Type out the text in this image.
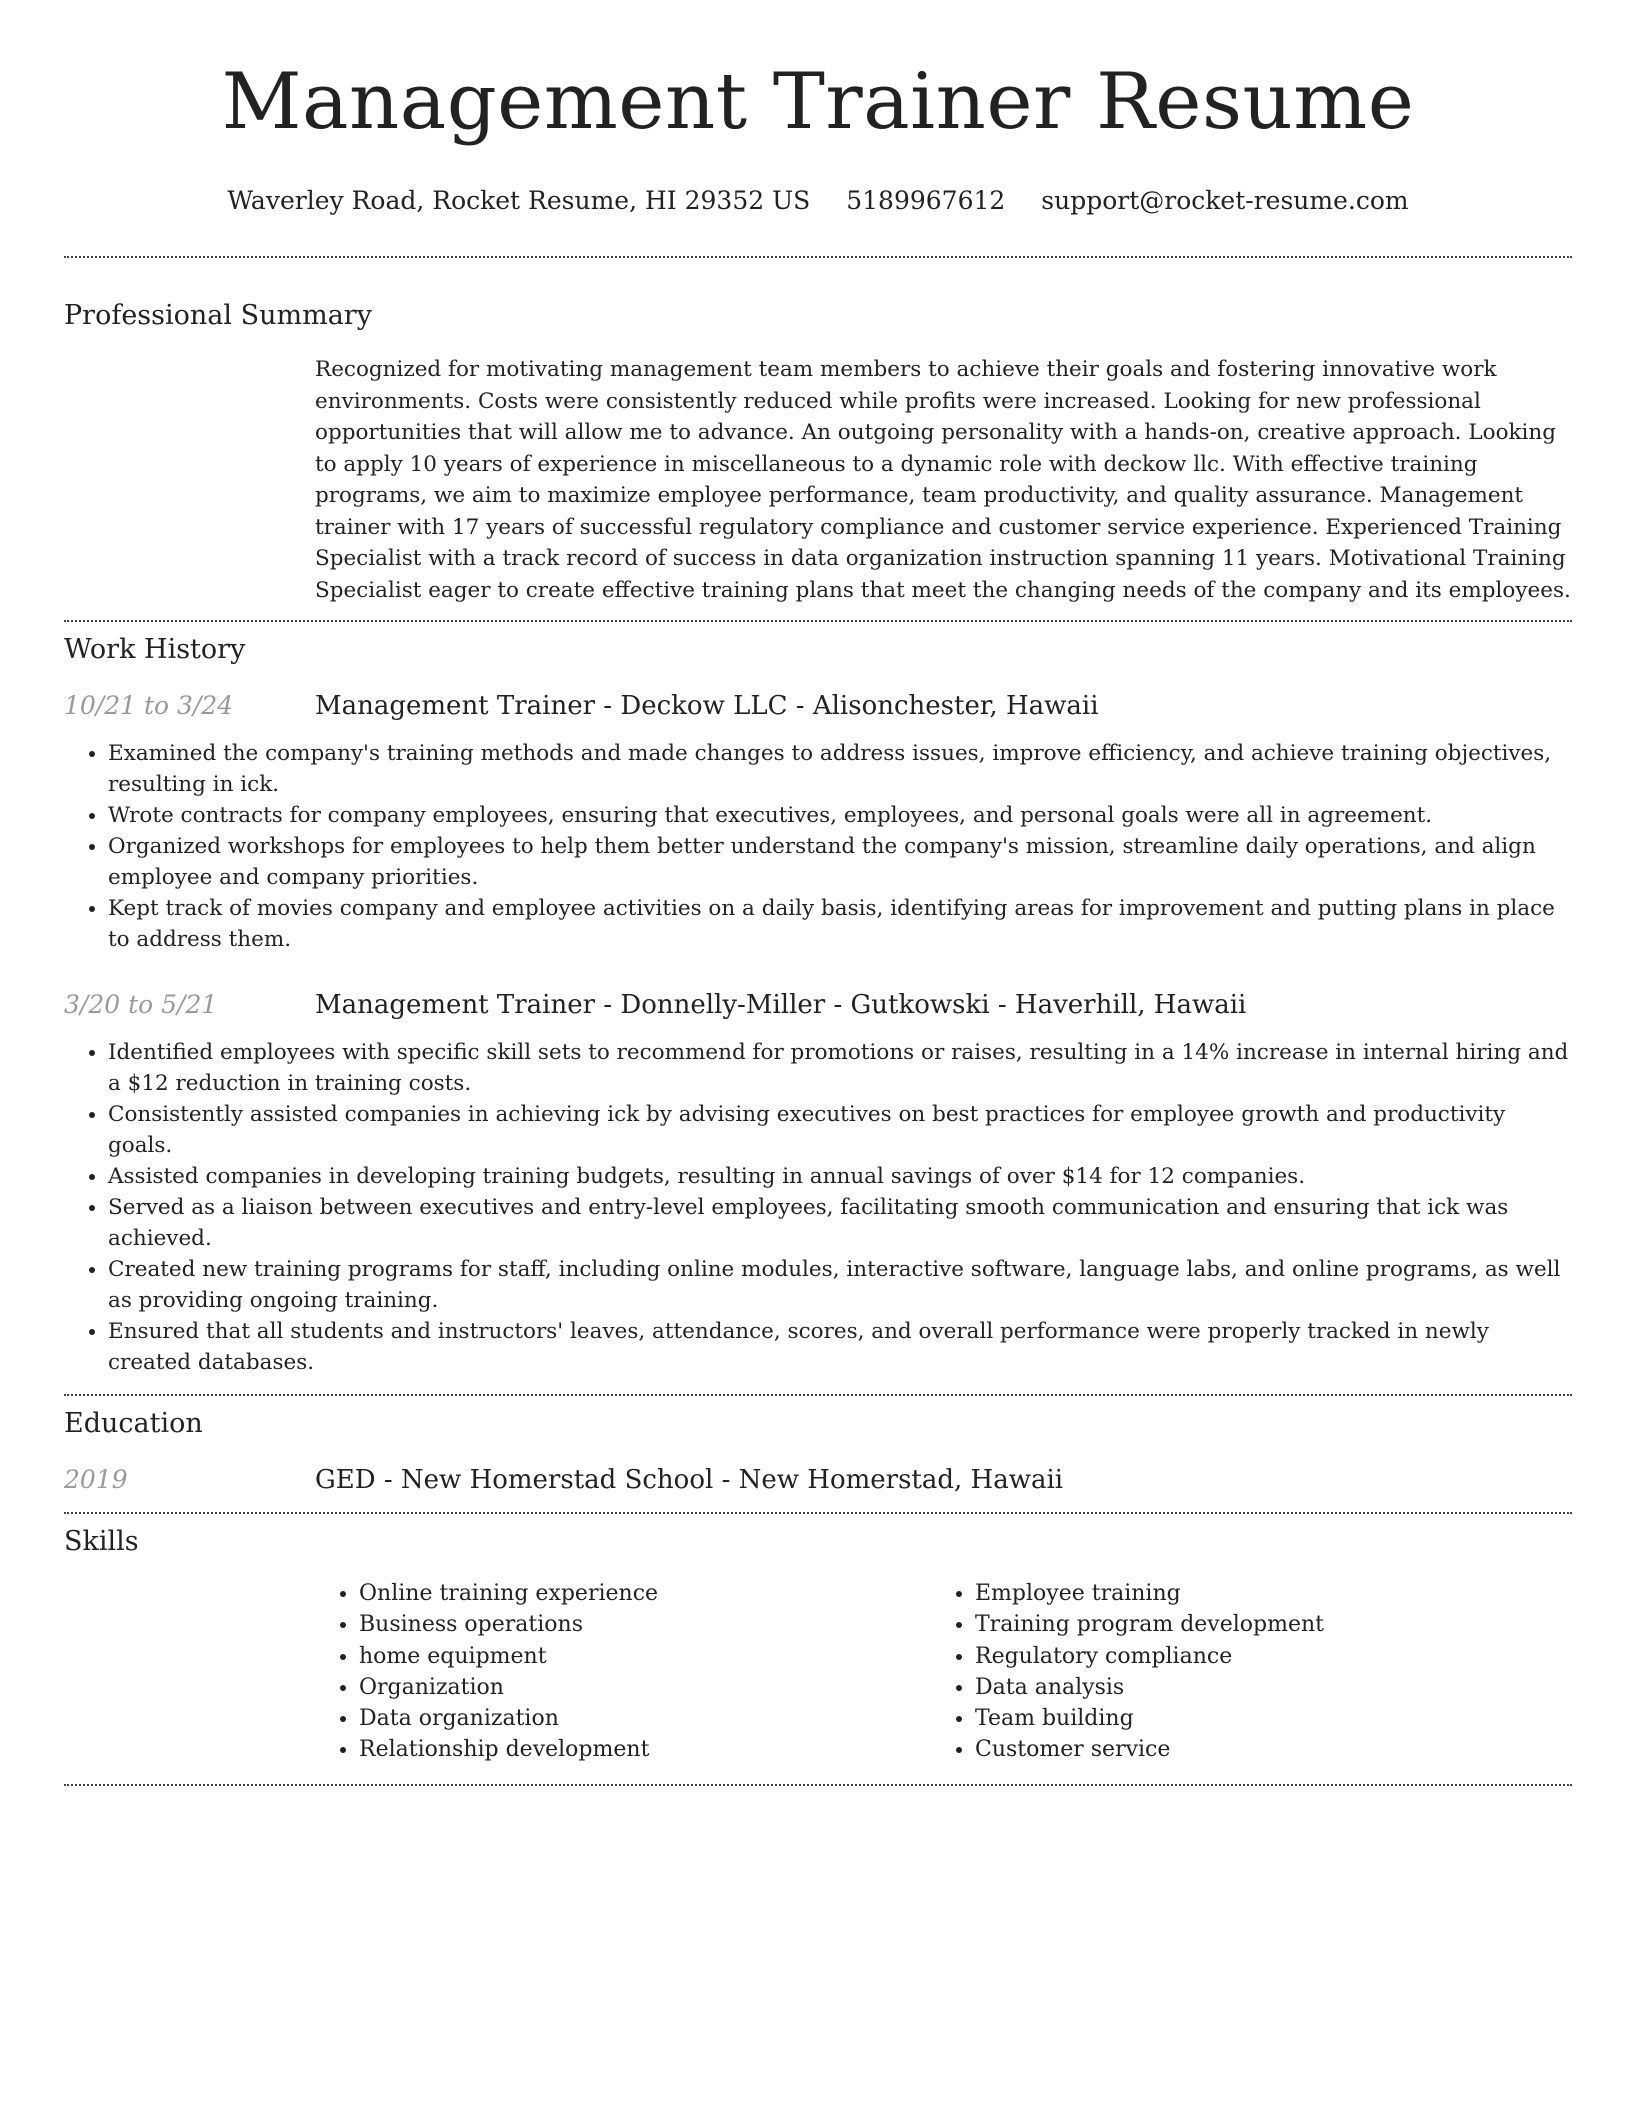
Management Trainer Resume
Waverley Road, Rocket Resume, HI 29352 US 5189967612 support@rocket-resume.com
Professional Summary

Recognized for motivating management team members to achieve their goals and fostering innovative work environments. Costs were consistently reduced while profits were increased. Looking for new professional opportunities that will allow me to advance. An outgoing personality with a hands-on, creative approach. Looking to apply 10 years of experience in miscellaneous to a dynamic role with deckow llc. With effective training programs, we aim to maximize employee performance, team productivity, and quality assurance. Management trainer with 17 years of successful regulatory compliance and customer service experience. Experienced Training Specialist with a track record of success in data organization instruction spanning 11 years. Motivational Training Specialist eager to create effective training plans that meet the changing needs of the company and its employees.

Work History
10/21 to 3/24	Management Trainer - Deckow LLC - Alisonchester, Hawaii
• Examined the company's training methods and made changes to address issues, improve efficiency, and achieve training objectives, resulting in ick.
• Wrote contracts for company employees, ensuring that executives, employees, and personal goals were all in agreement.
• Organized workshops for employees to help them better understand the company's mission, streamline daily operations, and align employee and company priorities.
• Kept track of movies company and employee activities on a daily basis, identifying areas for improvement and putting plans in place to address them.
3/20 to 5/21	Management Trainer - Donnelly-Miller - Gutkowski - Haverhill, Hawaii
• Identified employees with specific skill sets to recommend for promotions or raises, resulting in a 14% increase in internal hiring and a $12 reduction in training costs.
• Consistently assisted companies in achieving ick by advising executives on best practices for employee growth and productivity goals.
• Assisted companies in developing training budgets, resulting in annual savings of over $14 for 12 companies.
• Served as a liaison between executives and entry-level employees, facilitating smooth communication and ensuring that ick was achieved.
• Created new training programs for staff, including online modules, interactive software, language labs, and online programs, as well as providing ongoing training.
• Ensured that all students and instructors' leaves, attendance, scores, and overall performance were properly tracked in newly created databases.
Education
2019	GED - New Homerstad School - New Homerstad, Hawaii
Skills
• Online training experience
• Business operations
• home equipment
• Organization
• Data organization
• Relationship development
• Employee training
• Training program development
• Regulatory compliance
• Data analysis
• Team building
• Customer service
